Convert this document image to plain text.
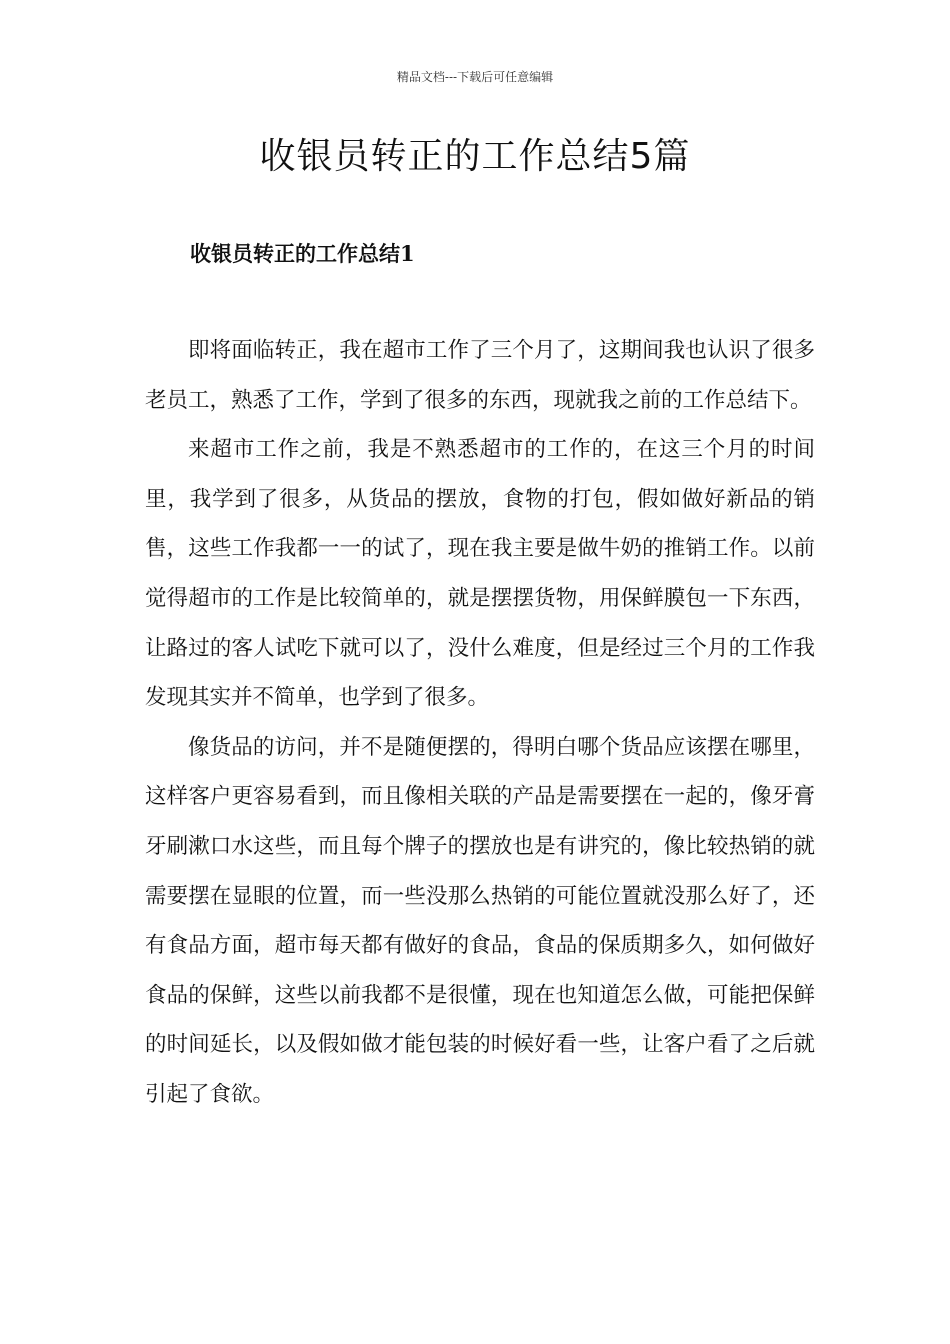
精品文档---下载后可任意编辑
收银员转正的工作总结5篇
收银员转正的工作总结1

即将面临转正，我在超市工作了三个月了，这期间我也认识了很多老员工，熟悉了工作，学到了很多的东西，现就我之前的工作总结下。

来超市工作之前，我是不熟悉超市的工作的，在这三个月的时间里，我学到了很多，从货品的摆放，食物的打包，假如做好新品的销售，这些工作我都一一的试了，现在我主要是做牛奶的推销工作。以前觉得超市的工作是比较简单的，就是摆摆货物，用保鲜膜包一下东西，让路过的客人试吃下就可以了，没什么难度，但是经过三个月的工作我发现其实并不简单，也学到了很多。

像货品的访问，并不是随便摆的，得明白哪个货品应该摆在哪里，这样客户更容易看到，而且像相关联的产品是需要摆在一起的，像牙膏牙刷漱口水这些，而且每个牌子的摆放也是有讲究的，像比较热销的就需要摆在显眼的位置，而一些没那么热销的可能位置就没那么好了，还有食品方面，超市每天都有做好的食品，食品的保质期多久，如何做好食品的保鲜，这些以前我都不是很懂，现在也知道怎么做，可能把保鲜的时间延长，以及假如做才能包装的时候好看一些，让客户看了之后就引起了食欲。
